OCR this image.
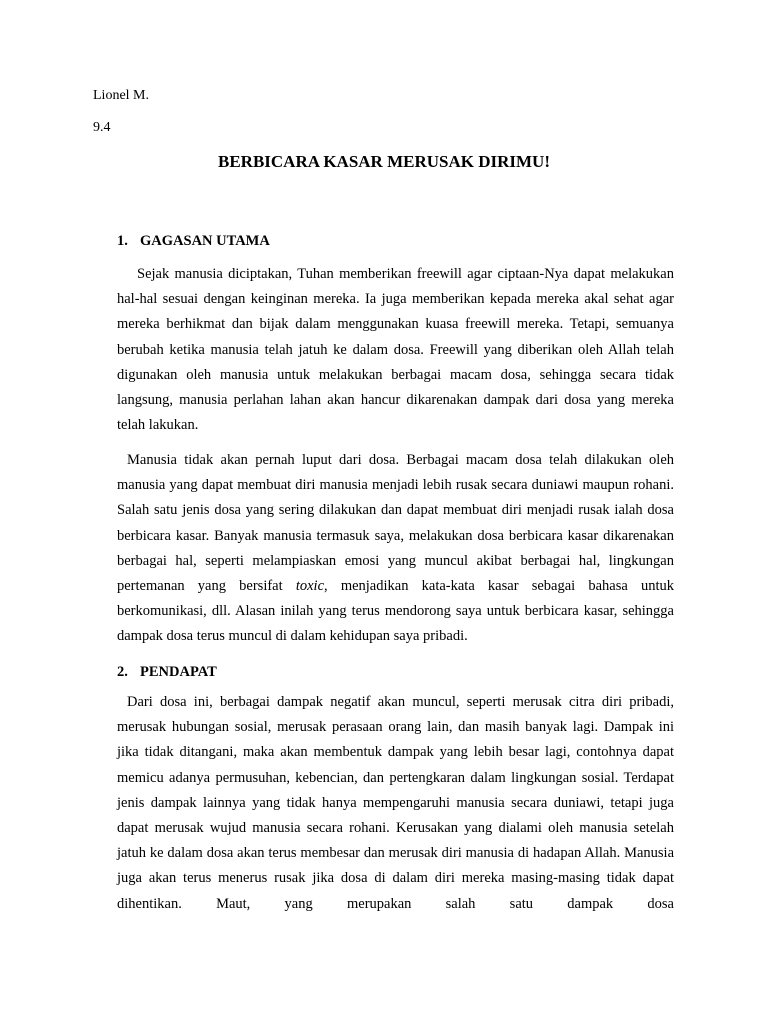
Lionel M.
9.4
BERBICARA KASAR MERUSAK DIRIMU!
1. GAGASAN UTAMA

Sejak manusia diciptakan, Tuhan memberikan freewill agar ciptaan-Nya dapat melakukan hal-hal sesuai dengan keinginan mereka. Ia juga memberikan kepada mereka akal sehat agar mereka berhikmat dan bijak dalam menggunakan kuasa freewill mereka. Tetapi, semuanya berubah ketika manusia telah jatuh ke dalam dosa. Freewill yang diberikan oleh Allah telah digunakan oleh manusia untuk melakukan berbagai macam dosa, sehingga secara tidak langsung, manusia perlahan lahan akan hancur dikarenakan dampak dari dosa yang mereka telah lakukan.

Manusia tidak akan pernah luput dari dosa. Berbagai macam dosa telah dilakukan oleh manusia yang dapat membuat diri manusia menjadi lebih rusak secara duniawi maupun rohani. Salah satu jenis dosa yang sering dilakukan dan dapat membuat diri menjadi rusak ialah dosa berbicara kasar. Banyak manusia termasuk saya, melakukan dosa berbicara kasar dikarenakan berbagai hal, seperti melampiaskan emosi yang muncul akibat berbagai hal, lingkungan pertemanan yang bersifat toxic, menjadikan kata-kata kasar sebagai bahasa untuk berkomunikasi, dll. Alasan inilah yang terus mendorong saya untuk berbicara kasar, sehingga dampak dosa terus muncul di dalam kehidupan saya pribadi.

2. PENDAPAT

Dari dosa ini, berbagai dampak negatif akan muncul, seperti merusak citra diri pribadi, merusak hubungan sosial, merusak perasaan orang lain, dan masih banyak lagi. Dampak ini jika tidak ditangani, maka akan membentuk dampak yang lebih besar lagi, contohnya dapat memicu adanya permusuhan, kebencian, dan pertengkaran dalam lingkungan sosial. Terdapat jenis dampak lainnya yang tidak hanya mempengaruhi manusia secara duniawi, tetapi juga dapat merusak wujud manusia secara rohani. Kerusakan yang dialami oleh manusia setelah jatuh ke dalam dosa akan terus membesar dan merusak diri manusia di hadapan Allah. Manusia juga akan terus menerus rusak jika dosa di dalam diri mereka masing-masing tidak dapat dihentikan. Maut, yang merupakan salah satu dampak dosa
